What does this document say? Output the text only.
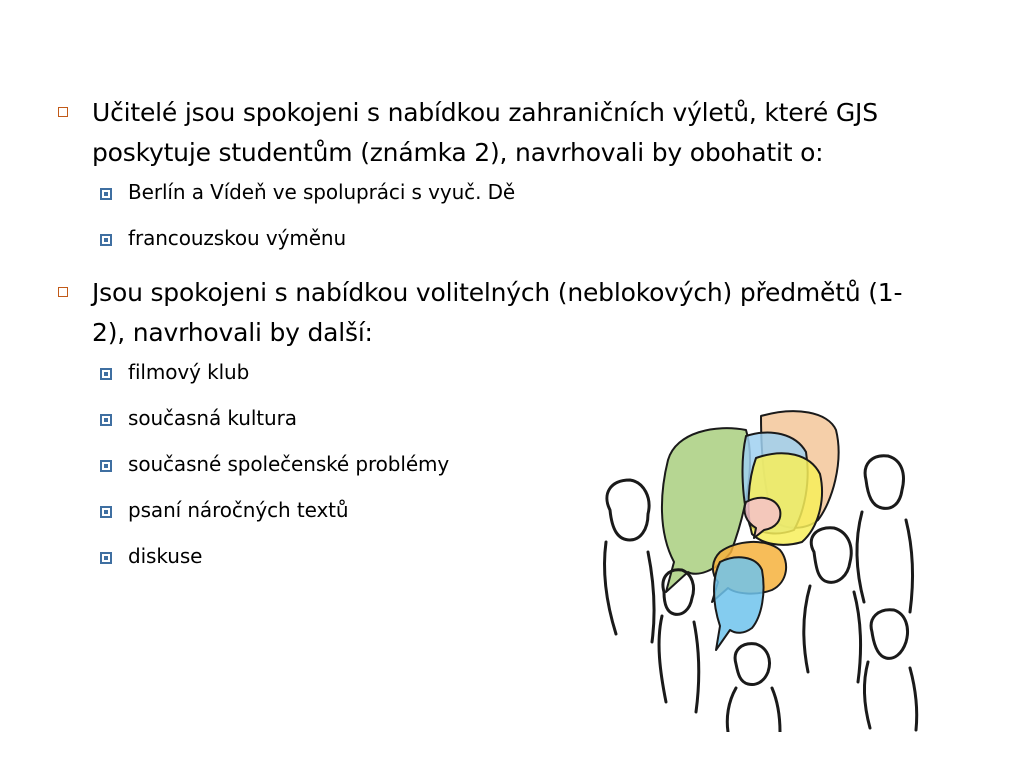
Učitelé jsou spokojeni s nabídkou zahraničních výletů, které GJS poskytuje studentům (známka 2), navrhovali by obohatit o:
Berlín a Vídeň ve spolupráci s vyuč. Dě
francouzskou výměnu
Jsou spokojeni s nabídkou volitelných (neblokových) předmětů (1-2), navrhovali by další:
filmový klub
současná kultura
současné společenské problémy
psaní náročných textů
diskuse
